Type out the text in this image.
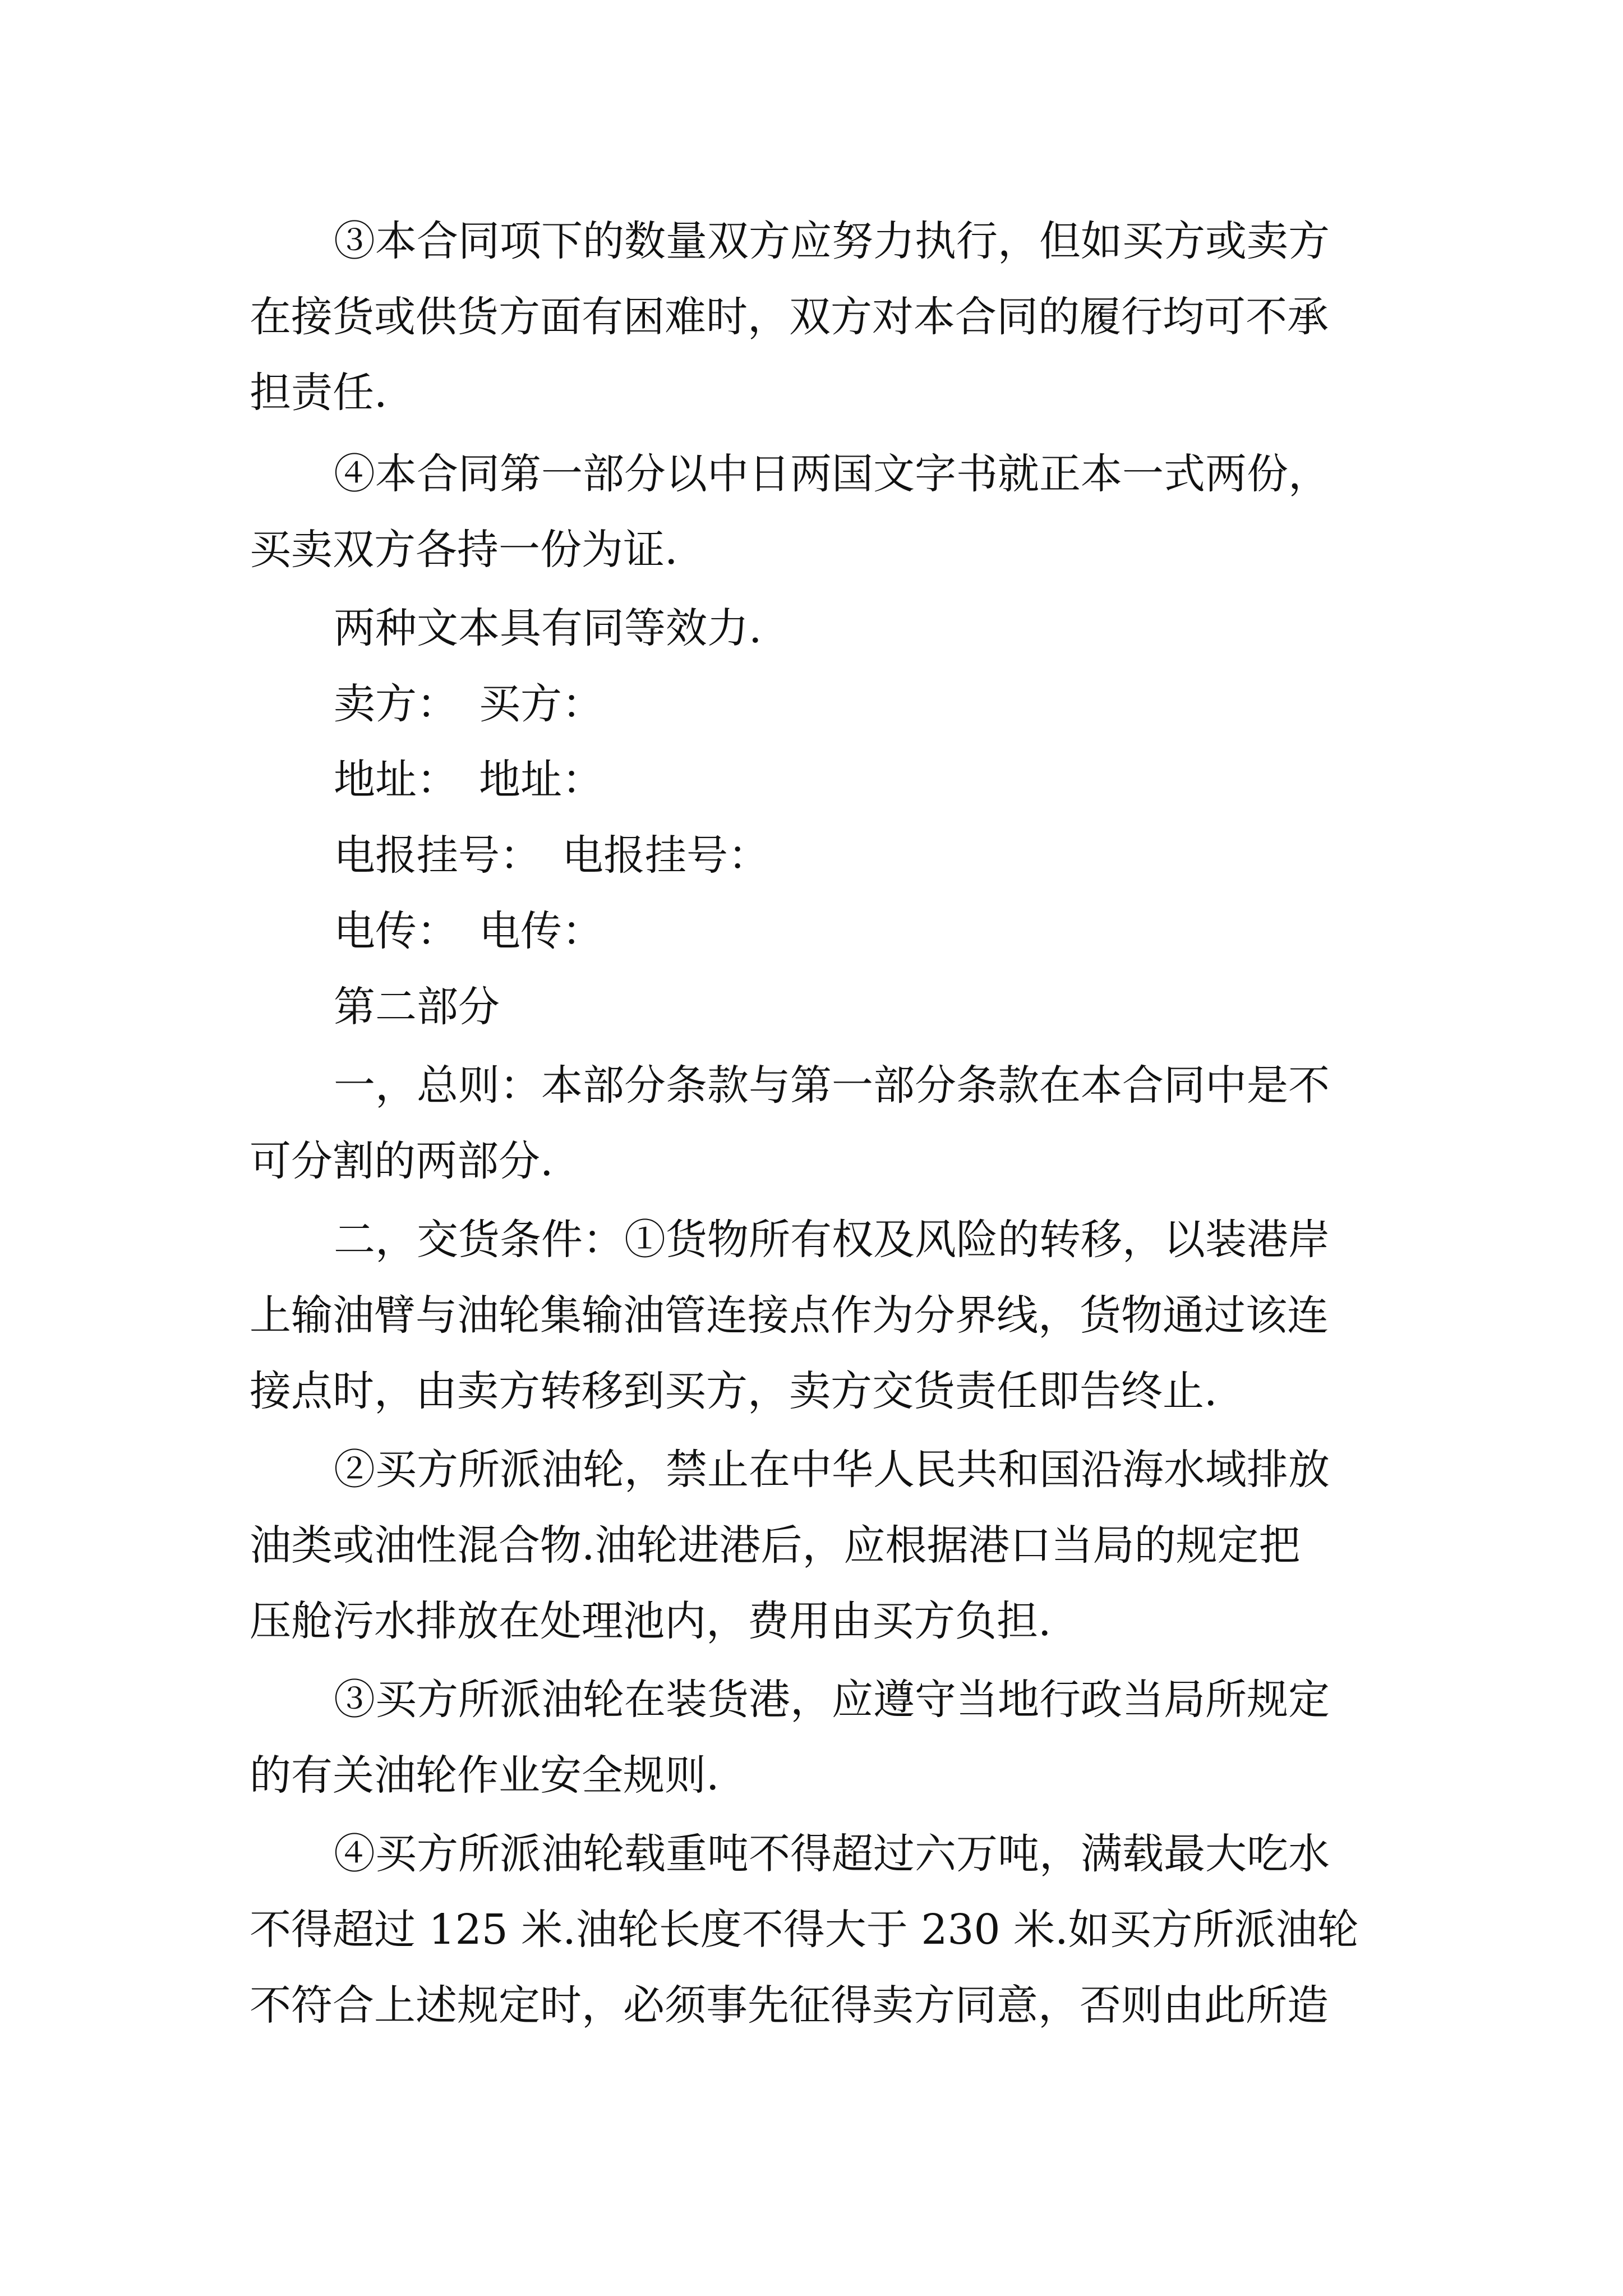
③本合同项下的数量双方应努力执行，但如买方或卖方
在接货或供货方面有困难时，双方对本合同的履行均可不承
担责任.
④本合同第一部分以中日两国文字书就正本一式两份，
买卖双方各持一份为证.
两种文本具有同等效力.
卖方：　买方：
地址：　地址：
电报挂号：　电报挂号：
电传：　电传：
第二部分
一，总则：本部分条款与第一部分条款在本合同中是不
可分割的两部分.
二，交货条件：①货物所有权及风险的转移，以装港岸
上输油臂与油轮集输油管连接点作为分界线，货物通过该连
接点时，由卖方转移到买方，卖方交货责任即告终止.
②买方所派油轮，禁止在中华人民共和国沿海水域排放
油类或油性混合物.油轮进港后，应根据港口当局的规定把
压舱污水排放在处理池内，费用由买方负担.
③买方所派油轮在装货港，应遵守当地行政当局所规定
的有关油轮作业安全规则.
④买方所派油轮载重吨不得超过六万吨，满载最大吃水
不得超过 125 米.油轮长度不得大于 230 米.如买方所派油轮
不符合上述规定时，必须事先征得卖方同意，否则由此所造
